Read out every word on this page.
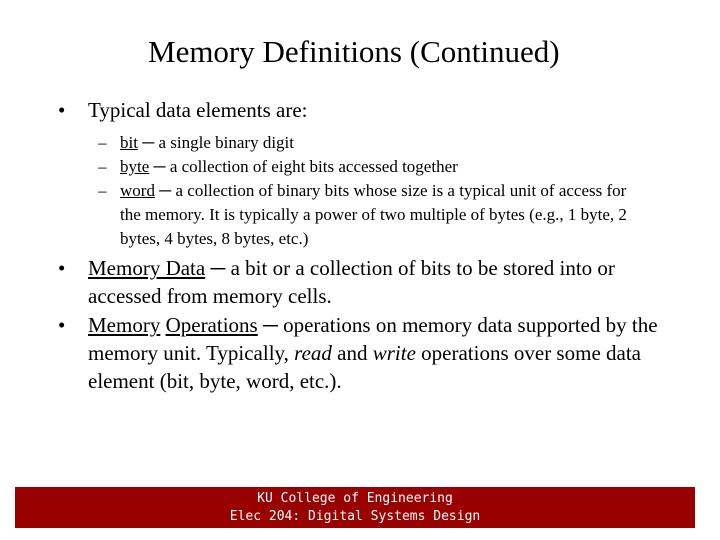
Memory Definitions (Continued)
• Typical data elements are:
– bit ─ a single binary digit
– byte ─ a collection of eight bits accessed together
– word ─ a collection of binary bits whose size is a typical unit of access for the memory. It is typically a power of two multiple of bytes (e.g., 1 byte, 2 bytes, 4 bytes, 8 bytes, etc.)
• Memory Data ─ a bit or a collection of bits to be stored into or accessed from memory cells.
• Memory Operations ─ operations on memory data supported by the memory unit. Typically, read and write operations over some data element (bit, byte, word, etc.).
KU College of Engineering
Elec 204: Digital Systems Design
